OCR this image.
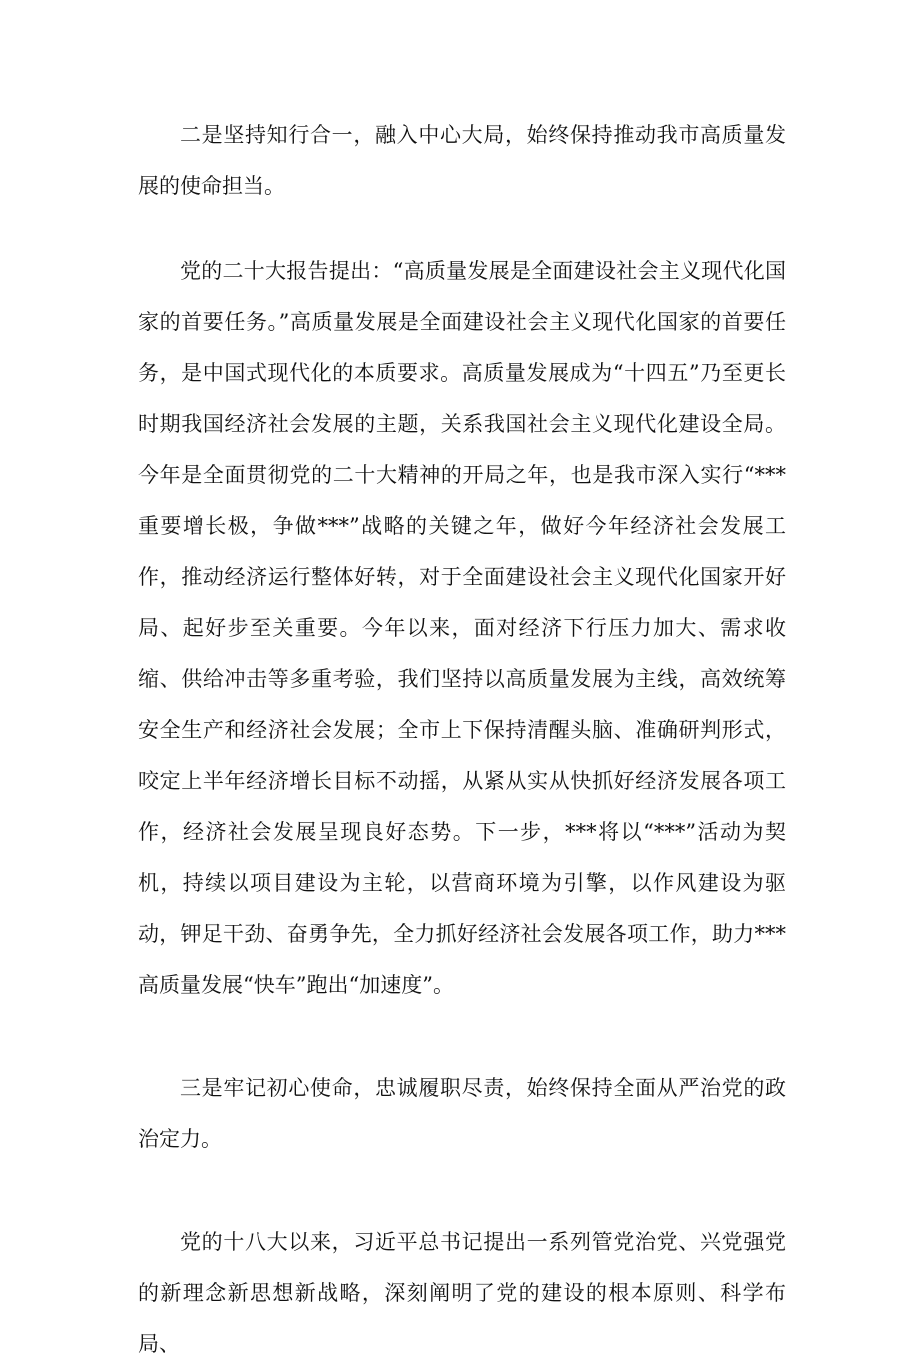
二是坚持知行合一，融入中心大局，始终保持推动我市高质量发展的使命担当。

党的二十大报告提出：“高质量发展是全面建设社会主义现代化国家的首要任务。”高质量发展是全面建设社会主义现代化国家的首要任务，是中国式现代化的本质要求。高质量发展成为“十四五”乃至更长时期我国经济社会发展的主题，关系我国社会主义现代化建设全局。今年是全面贯彻党的二十大精神的开局之年，也是我市深入实行“***重要增长极，争做***”战略的关键之年，做好今年经济社会发展工作，推动经济运行整体好转，对于全面建设社会主义现代化国家开好局、起好步至关重要。今年以来，面对经济下行压力加大、需求收缩、供给冲击等多重考验，我们坚持以高质量发展为主线，高效统筹安全生产和经济社会发展；全市上下保持清醒头脑、准确研判形式，咬定上半年经济增长目标不动摇，从紧从实从快抓好经济发展各项工作，经济社会发展呈现良好态势。下一步，***将以“***”活动为契机，持续以项目建设为主轮，以营商环境为引擎，以作风建设为驱动，钾足干劲、奋勇争先，全力抓好经济社会发展各项工作，助力***高质量发展“快车”跑出“加速度”。

三是牢记初心使命，忠诚履职尽责，始终保持全面从严治党的政治定力。

党的十八大以来，习近平总书记提出一系列管党治党、兴党强党的新理念新思想新战略，深刻阐明了党的建设的根本原则、科学布局、
